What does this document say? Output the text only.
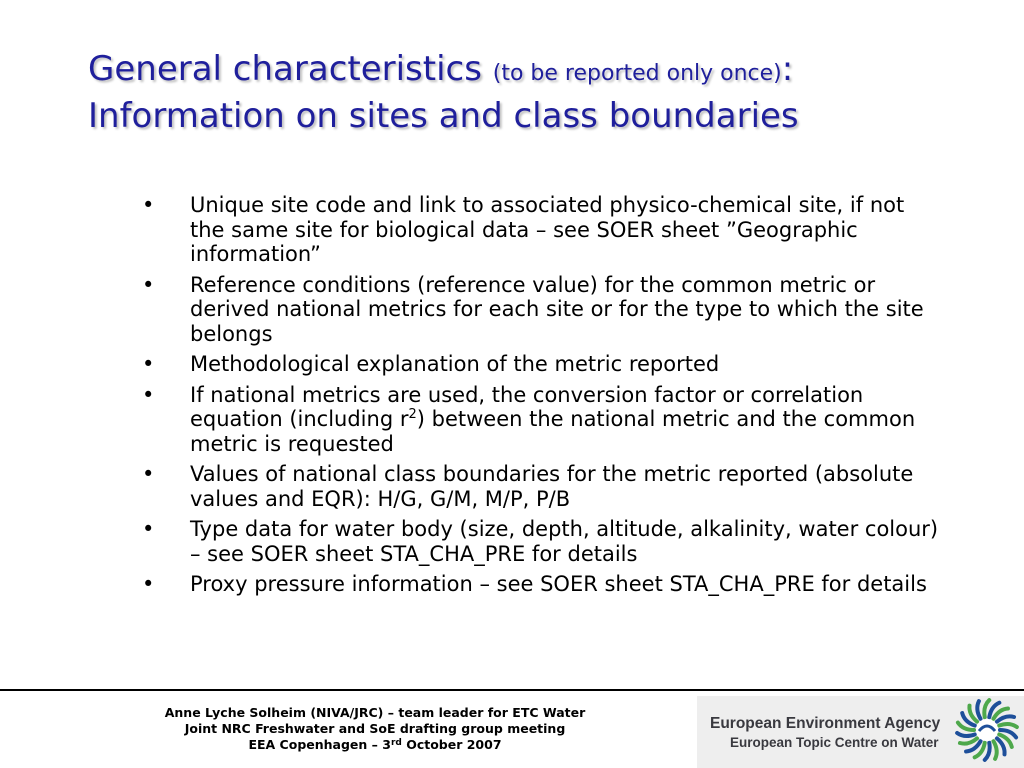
General characteristics (to be reported only once):
Information on sites and class boundaries
•	Unique site code and link to associated physico-chemical site, if not the same site for biological data – see SOER sheet ”Geographic information”
•	Reference conditions (reference value) for the common metric or derived national metrics for each site or for the type to which the site belongs
•	Methodological explanation of the metric reported
•	If national metrics are used, the conversion factor or correlation equation (including $r^2$) between the national metric and the common metric is requested
•	Values of national class boundaries for the metric reported (absolute values and EQR): H/G, G/M, M/P, P/B
•	Type data for water body (size, depth, altitude, alkalinity, water colour) – see SOER sheet STA_CHA_PRE for details
•	Proxy pressure information – see SOER sheet STA_CHA_PRE for details
Anne Lyche Solheim (NIVA/JRC) – team leader for ETC Water
Joint NRC Freshwater and SoE drafting group meeting
EEA Copenhagen – 3rd October 2007
European Environment Agency
European Topic Centre on Water
